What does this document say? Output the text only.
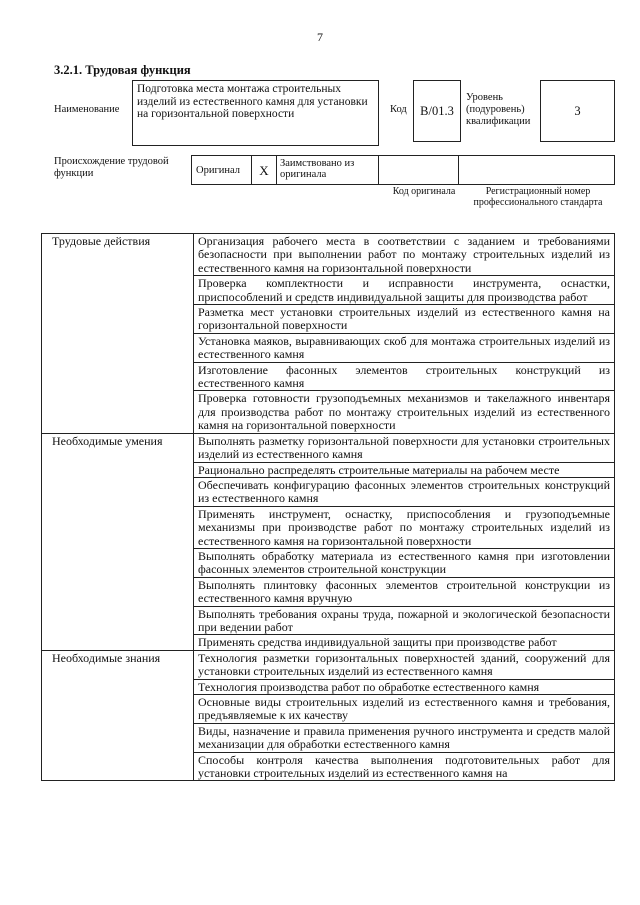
7
3.2.1. Трудовая функция
Наименование
Подготовка места монтажа строительных изделий из естественного камня для установки на горизонтальной поверхности	Код	B/01.3
Уровень (подуровень) квалификации
3
Происхождение трудовой функции	Оригинал	X	Заимствовано из оригинала
Код оригинала	Регистрационный номер профессионального стандарта
Трудовые действия	Организация рабочего места в соответствии с заданием и требованиями безопасности при выполнении работ по монтажу строительных изделий из естественного камня на горизонтальной поверхности
	Проверка комплектности и исправности инструмента, оснастки, приспособлений и средств индивидуальной защиты для производства работ
	Разметка мест установки строительных изделий из естественного камня на горизонтальной поверхности
	Установка маяков, выравнивающих скоб для монтажа строительных изделий из естественного камня
	Изготовление фасонных элементов строительных конструкций из естественного камня
	Проверка готовности грузоподъемных механизмов и такелажного инвентаря для производства работ по монтажу строительных изделий из естественного камня на горизонтальной поверхности
Необходимые умения	Выполнять разметку горизонтальной поверхности для установки строительных изделий из естественного камня
	Рационально распределять строительные материалы на рабочем месте
	Обеспечивать конфигурацию фасонных элементов строительных конструкций из естественного камня
	Применять инструмент, оснастку, приспособления и грузоподъемные механизмы при производстве работ по монтажу строительных изделий из естественного камня на горизонтальной поверхности
	Выполнять обработку материала из естественного камня при изготовлении фасонных элементов строительной конструкции
	Выполнять плинтовку фасонных элементов строительной конструкции из естественного камня вручную
	Выполнять требования охраны труда, пожарной и экологической безопасности при ведении работ
	Применять средства индивидуальной защиты при производстве работ
Необходимые знания	Технология разметки горизонтальных поверхностей зданий, сооружений для установки строительных изделий из естественного камня
	Технология производства работ по обработке естественного камня
	Основные виды строительных изделий из естественного камня и требования, предъявляемые к их качеству
	Виды, назначение и правила применения ручного инструмента и средств малой механизации для обработки естественного камня
	Способы контроля качества выполнения подготовительных работ для установки строительных изделий из естественного камня на
